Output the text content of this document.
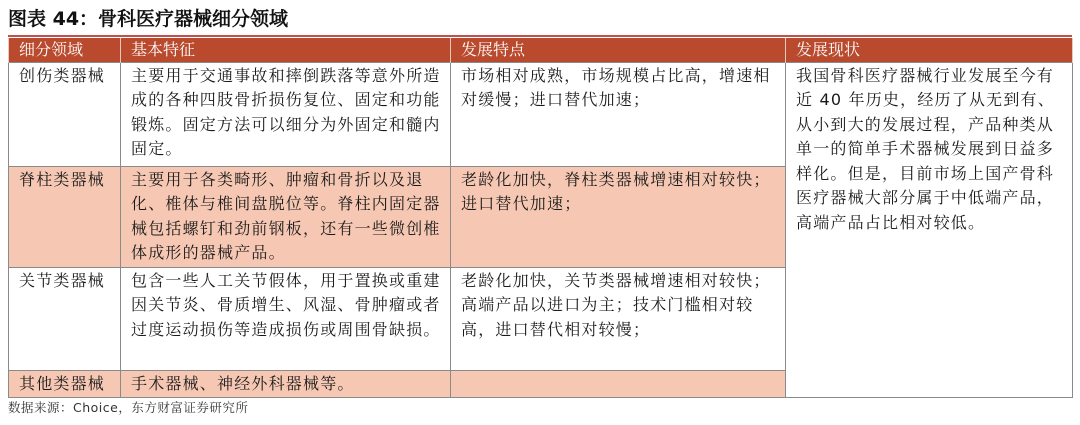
图表 44：骨科医疗器械细分领域
细分领域	基本特征	发展特点	发展现状
创伤类器械	主要用于交通事故和摔倒跌落等意外所造成的各种四肢骨折损伤复位、固定和功能锻炼。固定方法可以细分为外固定和髓内固定。	市场相对成熟，市场规模占比高，增速相对缓慢；进口替代加速；	我国骨科医疗器械行业发展至今有近 40 年历史，经历了从无到有、从小到大的发展过程，产品种类从单一的简单手术器械发展到日益多样化。但是，目前市场上国产骨科医疗器械大部分属于中低端产品，高端产品占比相对较低。
脊柱类器械	主要用于各类畸形、肿瘤和骨折以及退化、椎体与椎间盘脱位等。脊柱内固定器械包括螺钉和劲前钢板，还有一些微创椎体成形的器械产品。	老龄化加快，脊柱类器械增速相对较快；进口替代加速；	
关节类器械	包含一些人工关节假体，用于置换或重建因关节炎、骨质增生、风湿、骨肿瘤或者过度运动损伤等造成损伤或周围骨缺损。	老龄化加快，关节类器械增速相对较快；高端产品以进口为主；技术门槛相对较高，进口替代相对较慢；	
其他类器械	手术器械、神经外科器械等。		
数据来源：Choice，东方财富证券研究所
